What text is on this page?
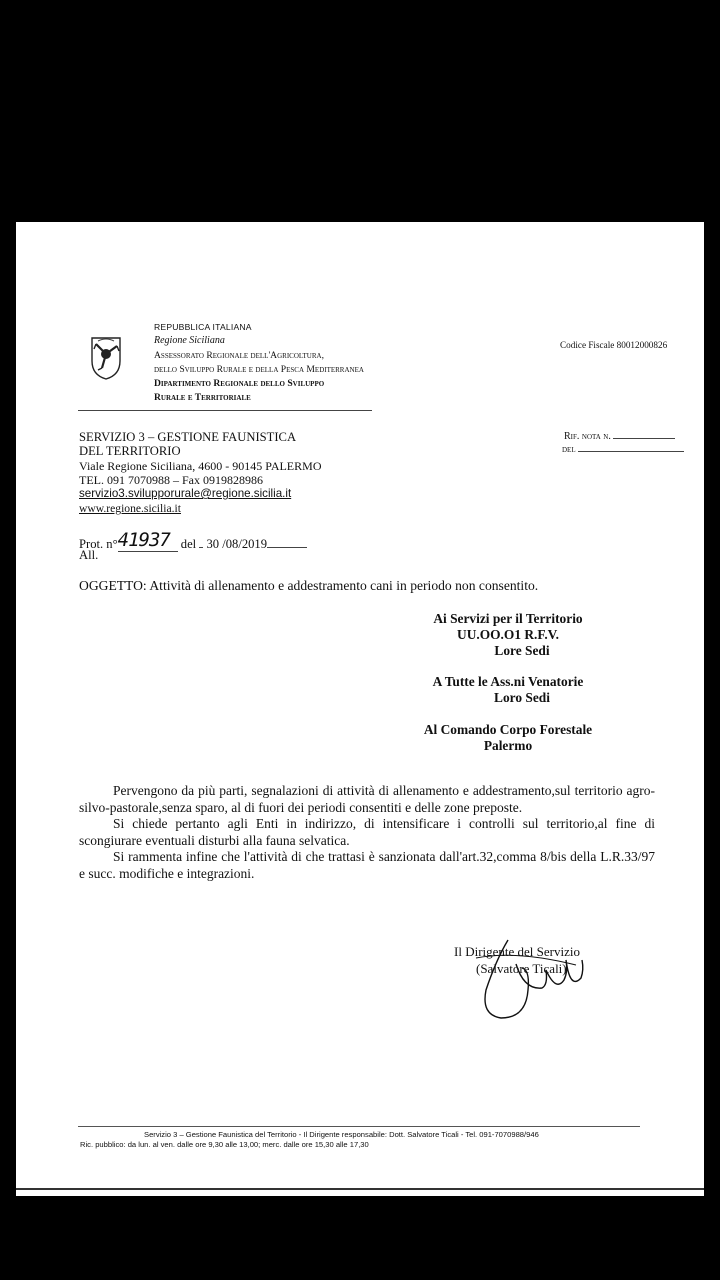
REPUBBLICA ITALIANA
Regione Siciliana
Assessorato Regionale dell'Agricoltura,
dello Sviluppo Rurale e della Pesca Mediterranea
Dipartimento Regionale dello Sviluppo
Rurale e Territoriale
Codice Fiscale 80012000826
SERVIZIO 3 – GESTIONE FAUNISTICA
DEL TERRITORIO
Viale Regione Siciliana, 4600 - 90145 PALERMO
TEL. 091 7070988 – Fax 0919828986
servizio3.svilupporurale@regione.sicilia.it
www.regione.sicilia.it
Rif. nota n.
del
Prot. n°41937 del 30 /08/2019
All.
OGGETTO: Attività di allenamento e addestramento cani in periodo non consentito.
Ai Servizi per il Territorio
UU.OO.O1 R.F.V.
Lore Sedi
A Tutte le Ass.ni Venatorie
Loro Sedi
Al Comando Corpo Forestale
Palermo
Pervengono da più parti, segnalazioni di attività di allenamento e addestramento,sul territorio agro-silvo-pastorale,senza sparo, al di fuori dei periodi consentiti e delle zone preposte.
Si chiede pertanto agli Enti in indirizzo, di intensificare i controlli sul territorio,al fine di scongiurare eventuali disturbi alla fauna selvatica.
Si rammenta infine che l'attività di che trattasi è sanzionata dall'art.32,comma 8/bis della L.R.33/97 e succ. modifiche e integrazioni.
Il Dirigente del Servizio
(Salvatore Ticali)
Servizio 3 – Gestione Faunistica del Territorio - Il Dirigente responsabile: Dott. Salvatore Ticali - Tel. 091-7070988/946
Ric. pubblico: da lun. al ven. dalle ore 9,30 alle 13,00; merc. dalle ore 15,30 alle 17,30
